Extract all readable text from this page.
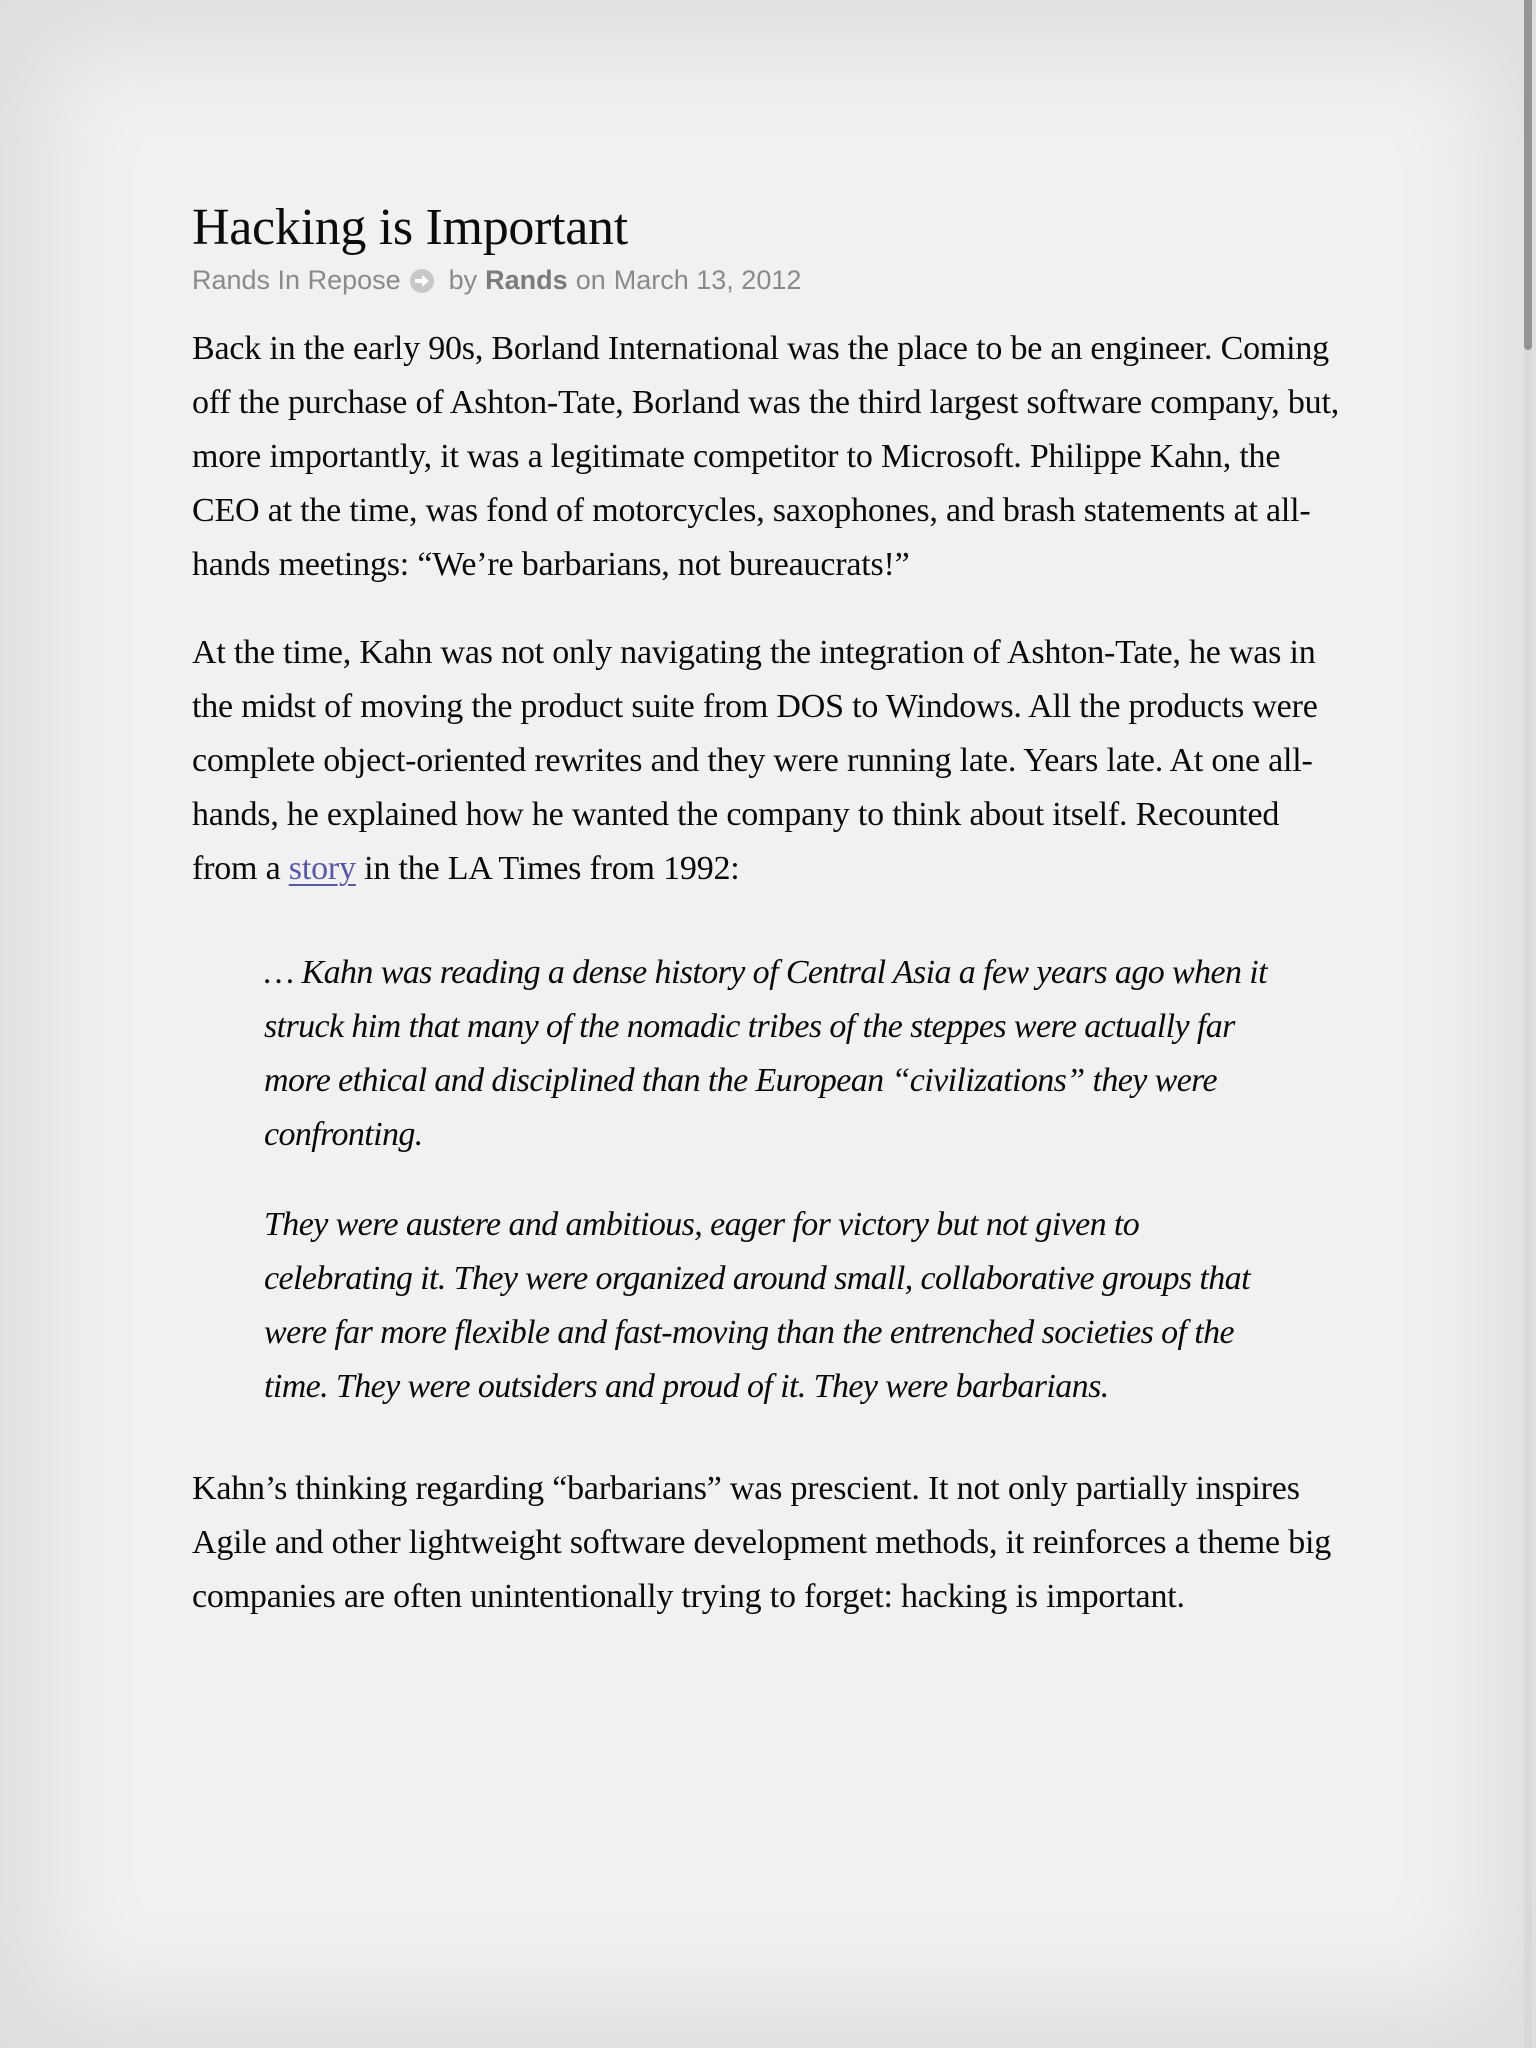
Hacking is Important
Rands In Repose by Rands on March 13, 2012

Back in the early 90s, Borland International was the place to be an engineer. Coming off the purchase of Ashton-Tate, Borland was the third largest software company, but, more importantly, it was a legitimate competitor to Microsoft. Philippe Kahn, the CEO at the time, was fond of motorcycles, saxophones, and brash statements at all-hands meetings: “We’re barbarians, not bureaucrats!”

At the time, Kahn was not only navigating the integration of Ashton-Tate, he was in the midst of moving the product suite from DOS to Windows. All the products were complete object-oriented rewrites and they were running late. Years late. At one all-hands, he explained how he wanted the company to think about itself. Recounted from a story in the LA Times from 1992:

… Kahn was reading a dense history of Central Asia a few years ago when it struck him that many of the nomadic tribes of the steppes were actually far more ethical and disciplined than the European “civilizations” they were confronting.

They were austere and ambitious, eager for victory but not given to celebrating it. They were organized around small, collaborative groups that were far more flexible and fast-moving than the entrenched societies of the time. They were outsiders and proud of it. They were barbarians.

Kahn’s thinking regarding “barbarians” was prescient. It not only partially inspires Agile and other lightweight software development methods, it reinforces a theme big companies are often unintentionally trying to forget: hacking is important.
